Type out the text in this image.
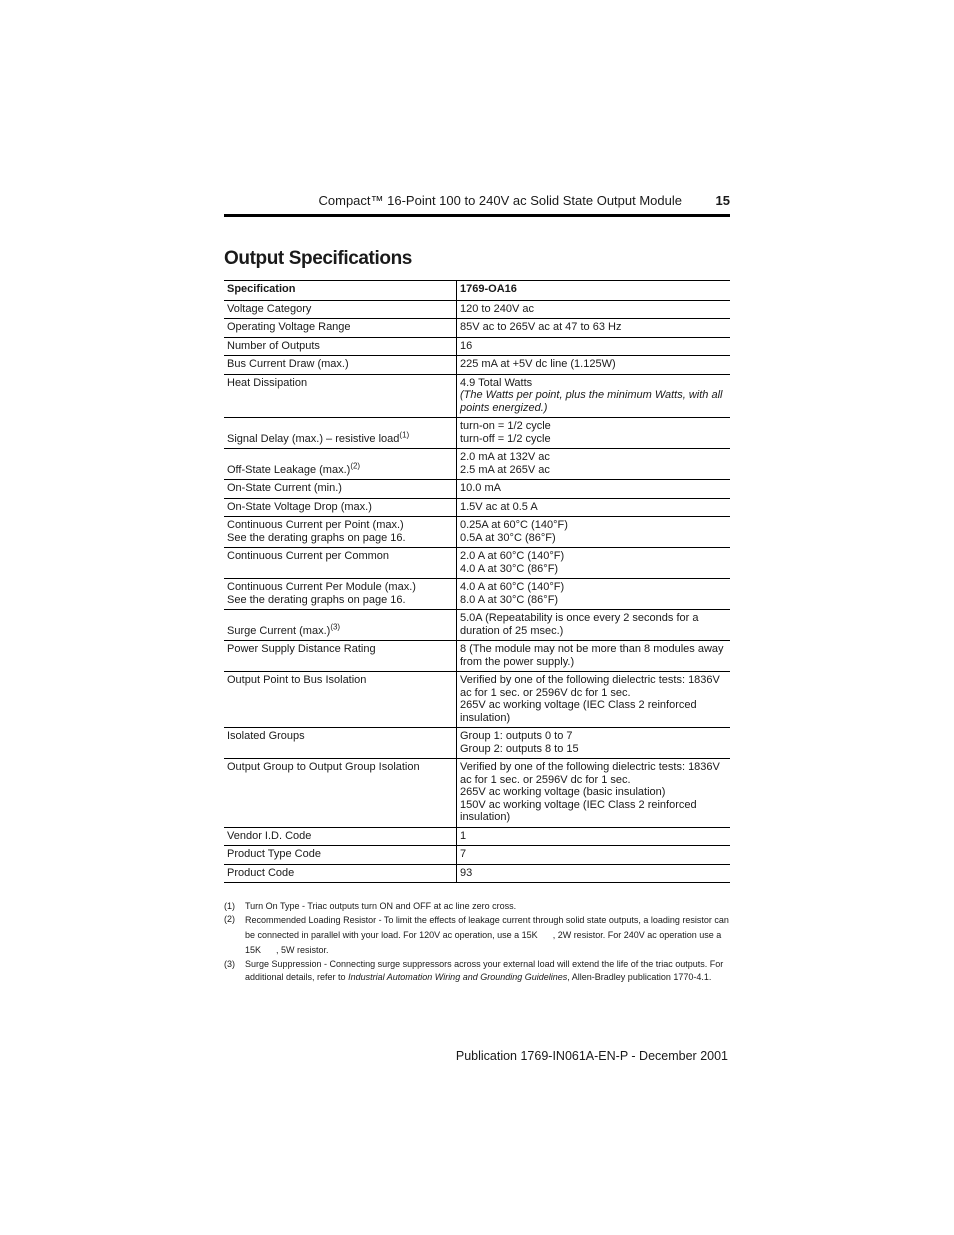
Compact™ 16-Point 100 to 240V ac Solid State Output Module	15
Output Specifications
Specification	1769-OA16
Voltage Category	120 to 240V ac

Operating Voltage Range	85V ac to 265V ac at 47 to 63 Hz

Number of Outputs	16

Bus Current Draw (max.)	225 mA at +5V dc line (1.125W)

Heat Dissipation	4.9 Total Watts
(The Watts per point, plus the minimum Watts, with all points energized.)

Signal Delay (max.) – resistive load$^{(1)}$	turn-on = 1/2 cycle
turn-off = 1/2 cycle

Off-State Leakage $(\max.)^{(2)}$	2.0 mA at 132V ac
2.5 mA at 265V ac

On-State Current (min.)	10.0 mA

On-State Voltage Drop (max.)	1.5V ac at 0.5 A

Continuous Current per Point (max.)
See the derating graphs on page 16.	0.25A at 60°C (140°F)
0.5A at 30°C (86°F)

Continuous Current per Common	2.0 A at 60°C (140°F)
4.0 A at 30°C (86°F)

Continuous Current Per Module (max.)
See the derating graphs on page 16.	4.0 A at 60°C (140°F)
8.0 A at 30°C (86°F)

Surge Current $(\max.)^{(3)}$	5.0A (Repeatability is once every 2 seconds for a duration of 25 msec.)

Power Supply Distance Rating	8 (The module may not be more than 8 modules away from the power supply.)

Output Point to Bus Isolation	Verified by one of the following dielectric tests: 1836V ac for 1 sec. or 2596V dc for 1 sec.
265V ac working voltage (IEC Class 2 reinforced insulation)

Isolated Groups	Group 1: outputs 0 to 7
Group 2: outputs 8 to 15

Output Group to Output Group Isolation	Verified by one of the following dielectric tests: 1836V ac for 1 sec. or 2596V dc for 1 sec.
265V ac working voltage (basic insulation)
150V ac working voltage (IEC Class 2 reinforced insulation)

Vendor I.D. Code	1

Product Type Code	7

Product Code	93
(1)	Turn On Type - Triac outputs turn ON and OFF at ac line zero cross.
(2)	Recommended Loading Resistor - To limit the effects of leakage current through solid state outputs, a loading resistor can be connected in parallel with your load. For 120V ac operation, use a 15K      , 2W resistor. For 240V ac operation use a 15K      , 5W resistor.
(3)	Surge Suppression - Connecting surge suppressors across your external load will extend the life of the triac outputs. For additional details, refer to Industrial Automation Wiring and Grounding Guidelines, Allen-Bradley publication 1770-4.1.
Publication 1769-IN061A-EN-P - December 2001
